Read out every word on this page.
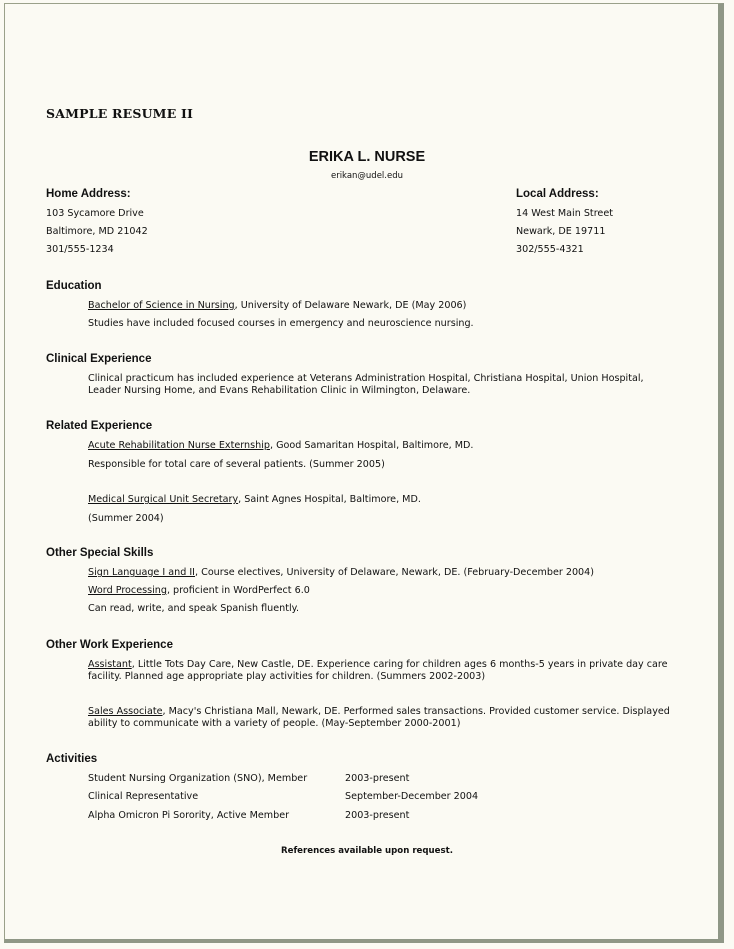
SAMPLE RESUME II
ERIKA L. NURSE
erikan@udel.edu
Home Address:
103 Sycamore Drive
Baltimore, MD 21042
301/555-1234
Local Address:
14 West Main Street
Newark, DE 19711
302/555-4321
Education
Bachelor of Science in Nursing, University of Delaware Newark, DE (May 2006)
Studies have included focused courses in emergency and neuroscience nursing.
Clinical Experience
Clinical practicum has included experience at Veterans Administration Hospital, Christiana Hospital, Union Hospital, Leader Nursing Home, and Evans Rehabilitation Clinic in Wilmington, Delaware.
Related Experience
Acute Rehabilitation Nurse Externship, Good Samaritan Hospital, Baltimore, MD.
Responsible for total care of several patients. (Summer 2005)
Medical Surgical Unit Secretary, Saint Agnes Hospital, Baltimore, MD.
(Summer 2004)
Other Special Skills
Sign Language I and II, Course electives, University of Delaware, Newark, DE. (February-December 2004)
Word Processing, proficient in WordPerfect 6.0
Can read, write, and speak Spanish fluently.
Other Work Experience
Assistant, Little Tots Day Care, New Castle, DE. Experience caring for children ages 6 months-5 years in private day care facility. Planned age appropriate play activities for children. (Summers 2002-2003)
Sales Associate, Macy's Christiana Mall, Newark, DE. Performed sales transactions. Provided customer service. Displayed ability to communicate with a variety of people. (May-September 2000-2001)
Activities
Student Nursing Organization (SNO), Member	2003-present
Clinical Representative	September-December 2004
Alpha Omicron Pi Sorority, Active Member	2003-present
References available upon request.
